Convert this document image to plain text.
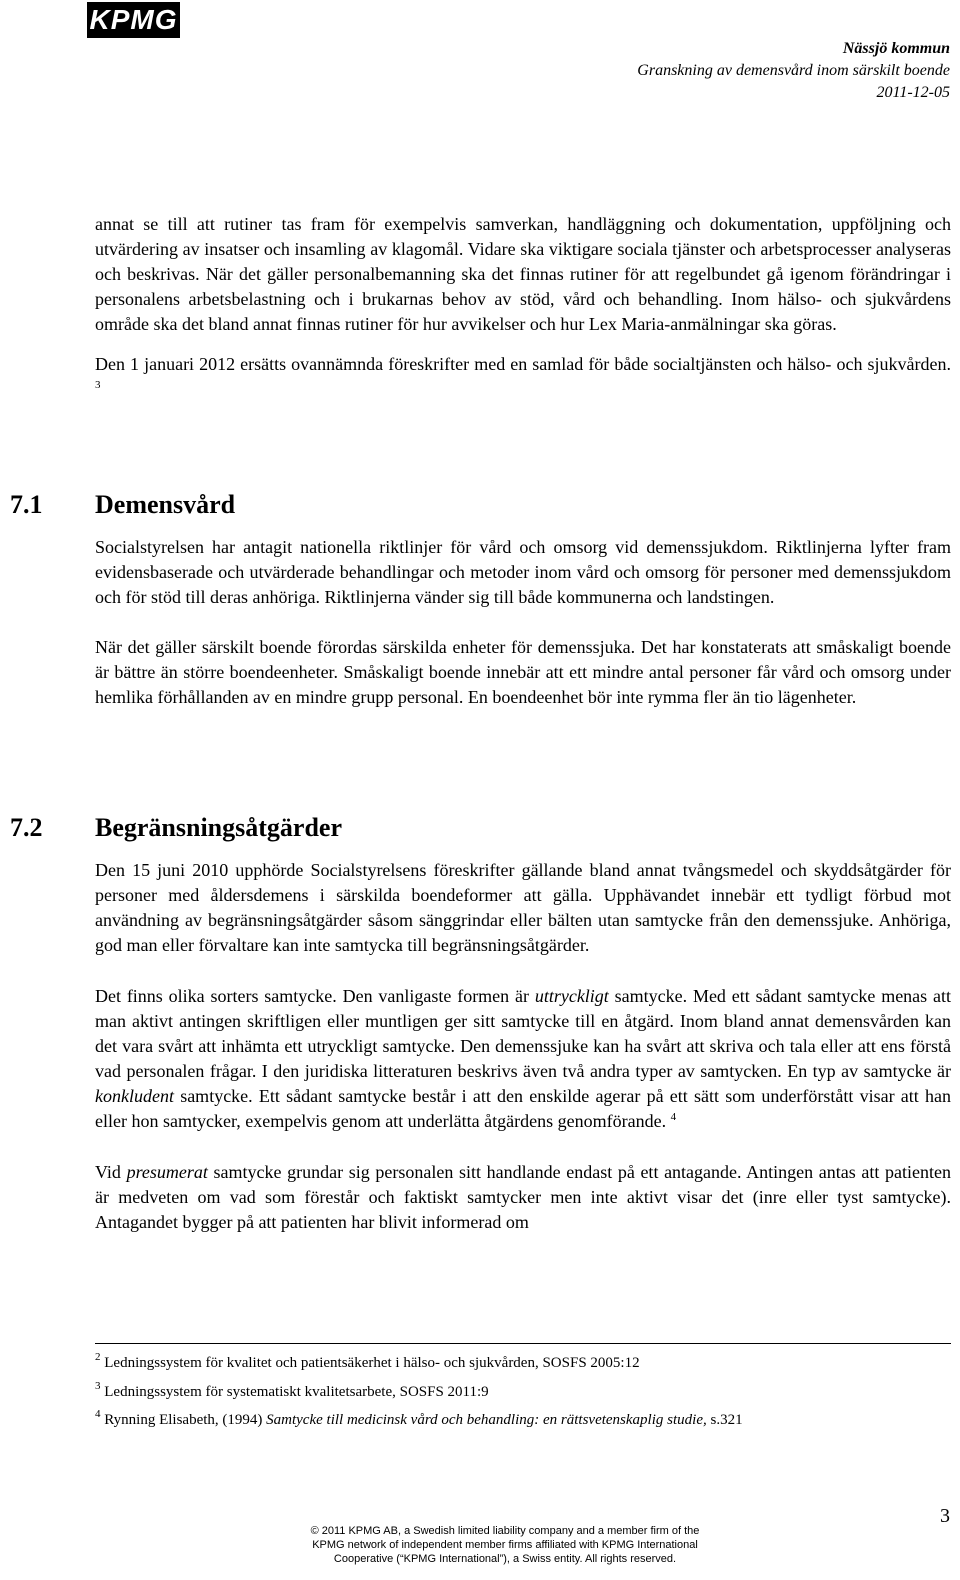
KPMG
Nässjö kommun
Granskning av demensvård inom särskilt boende
2011-12-05

annat se till att rutiner tas fram för exempelvis samverkan, handläggning och dokumentation, uppföljning och utvärdering av insatser och insamling av klagomål. Vidare ska viktigare sociala tjänster och arbetsprocesser analyseras och beskrivas. När det gäller personalbemanning ska det finnas rutiner för att regelbundet gå igenom förändringar i personalens arbetsbelastning och i brukarnas behov av stöd, vård och behandling. Inom hälso- och sjukvårdens område ska det bland annat finnas rutiner för hur avvikelser och hur Lex Maria-anmälningar ska göras.

Den 1 januari 2012 ersätts ovannämnda föreskrifter med en samlad för både socialtjänsten och hälso- och sjukvården. $^3$

7.1 Demensvård

Socialstyrelsen har antagit nationella riktlinjer för vård och omsorg vid demenssjukdom. Riktlinjerna lyfter fram evidensbaserade och utvärderade behandlingar och metoder inom vård och omsorg för personer med demenssjukdom och för stöd till deras anhöriga. Riktlinjerna vänder sig till både kommunerna och landstingen.

När det gäller särskilt boende förordas särskilda enheter för demenssjuka. Det har konstaterats att småskaligt boende är bättre än större boendeenheter. Småskaligt boende innebär att ett mindre antal personer får vård och omsorg under hemlika förhållanden av en mindre grupp personal. En boendeenhet bör inte rymma fler än tio lägenheter.

7.2 Begränsningsåtgärder

Den 15 juni 2010 upphörde Socialstyrelsens föreskrifter gällande bland annat tvångsmedel och skyddsåtgärder för personer med åldersdemens i särskilda boendeformer att gälla. Upphävandet innebär ett tydligt förbud mot användning av begränsningsåtgärder såsom sänggrindar eller bälten utan samtycke från den demenssjuke. Anhöriga, god man eller förvaltare kan inte samtycka till begränsningsåtgärder.

Det finns olika sorters samtycke. Den vanligaste formen är uttryckligt samtycke. Med ett sådant samtycke menas att man aktivt antingen skriftligen eller muntligen ger sitt samtycke till en åtgärd. Inom bland annat demensvården kan det vara svårt att inhämta ett utryckligt samtycke. Den demenssjuke kan ha svårt att skriva och tala eller att ens förstå vad personalen frågar. I den juridiska litteraturen beskrivs även två andra typer av samtycken. En typ av samtycke är konkludent samtycke. Ett sådant samtycke består i att den enskilde agerar på ett sätt som underförstått visar att han eller hon samtycker, exempelvis genom att underlätta åtgärdens genomförande. $^4$

Vid presumerat samtycke grundar sig personalen sitt handlande endast på ett antagande. Antingen antas att patienten är medveten om vad som förestår och faktiskt samtycker men inte aktivt visar det (inre eller tyst samtycke). Antagandet bygger på att patienten har blivit informerad om

$^2$ Ledningssystem för kvalitet och patientsäkerhet i hälso- och sjukvården, SOSFS 2005:12
$^3$ Ledningssystem för systematiskt kvalitetsarbete, SOSFS 2011:9
$^4$ Rynning Elisabeth, (1994) Samtycke till medicinsk vård och behandling: en rättsvetenskaplig studie, s.321
3
© 2011 KPMG AB, a Swedish limited liability company and a member firm of the
KPMG network of independent member firms affiliated with KPMG International
Cooperative (“KPMG International”), a Swiss entity. All rights reserved.
